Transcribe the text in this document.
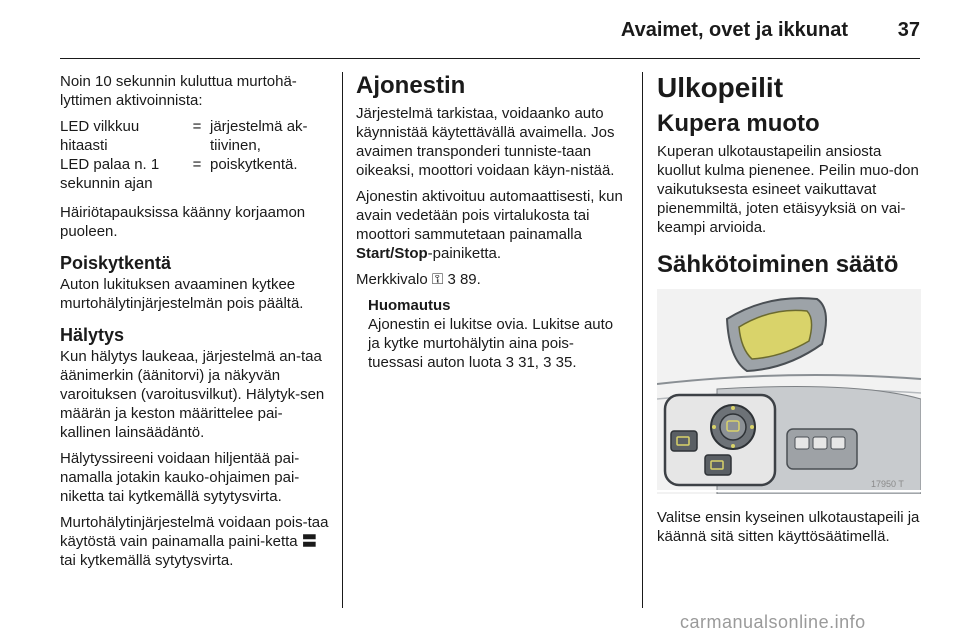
Avaimet, ovet ja ikkunat 37

Noin 10 sekunnin kuluttua murtohä-lyttimen aktivoinnista:

LED vilkkuu hitaasti	=	järjestelmä ak-tiivinen,
LED palaa n. 1 sekunnin ajan	=	poiskytkentä.

Häiriötapauksissa käänny korjaamon puoleen.

Poiskytkentä

Auton lukituksen avaaminen kytkee murtohälytinjärjestelmän pois päältä.

Hälytys

Kun hälytys laukeaa, järjestelmä an-taa äänimerkin (äänitorvi) ja näkyvän varoituksen (varoitusvilkut). Hälytyk-sen määrän ja keston määrittelee pai-kallinen lainsäädäntö.

Hälytyssireeni voidaan hiljentää pai-namalla jotakin kauko-ohjaimen pai-niketta tai kytkemällä sytytysvirta.

Murtohälytinjärjestelmä voidaan pois-taa käytöstä vain painamalla paini-ketta 〓 tai kytkemällä sytytysvirta.

Ajonestin

Järjestelmä tarkistaa, voidaanko auto käynnistää käytettävällä avaimella. Jos avaimen transponderi tunniste-taan oikeaksi, moottori voidaan käyn-nistää.

Ajonestin aktivoituu automaattisesti, kun avain vedetään pois virtalukosta tai moottori sammutetaan painamalla Start/Stop-painiketta.

Merkkivalo ⚿ 3 89.

Huomautus
Ajonestin ei lukitse ovia. Lukitse auto ja kytke murtohälytin aina pois-tuessasi auton luota 3 31, 3 35.
Ulkopeilit
Kupera muoto

Kuperan ulkotaustapeilin ansiosta kuollut kulma pienenee. Peilin muo-don vaikutuksesta esineet vaikuttavat pienemmiltä, joten etäisyyksiä on vai-keampi arvioida.

Sähkötoiminen säätö
17950 T

Valitse ensin kyseinen ulkotaustapeili ja käännä sitä sitten käyttösäätimellä.

carmanualsonline.info
